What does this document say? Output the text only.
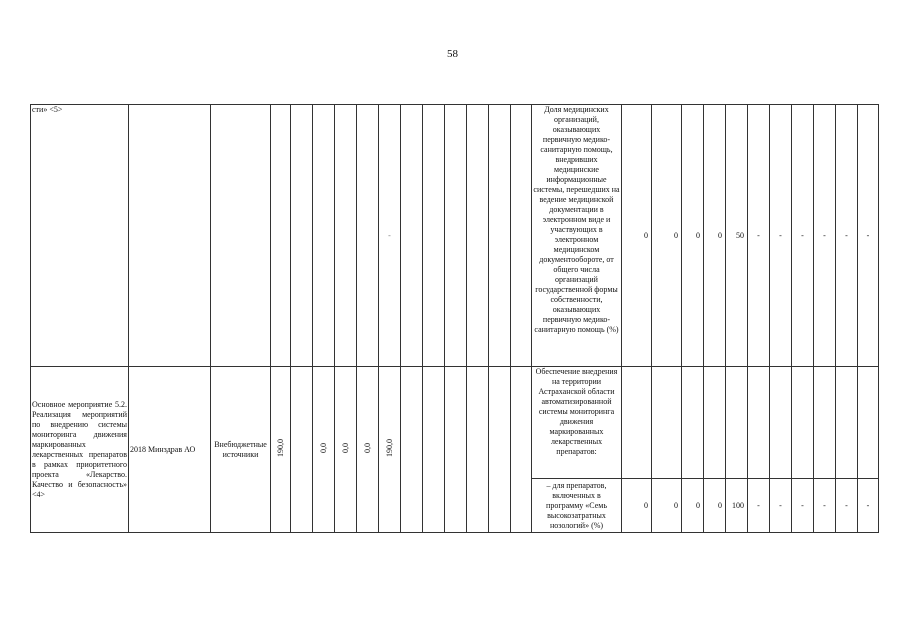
58
сти» <5>								-							Доля медицинских организаций, оказывающих первичную медико-санитарную помощь, внедривших медицинские информационные системы, перешедших на ведение медицинской документации в электронном виде и участвующих в электронном медицинском документообороте, от общего числа организаций государственной формы собственности, оказывающих первичную медико-санитарную помощь (%)	0	0	0	0	50	-	-	-	-	-	-
Основное мероприятие 5.2. Реализация мероприятий по внедрению системы мониторинга движения маркированных лекарственных препаратов в рамках приоритетного проекта «Лекарство. Качество и безопасность» <4>	2018 Минздрав АО	Внебюджетные источники	190,0		0,0	0,0	0,0	190,0							Обеспечение внедрения на территории Астраханской области автоматизированной системы мониторинга движения маркированных лекарственных препаратов:											
															– для препаратов, включенных в программу «Семь высокозатратных нозологий» (%)	0	0	0	0	100	-	-	-	-	-	-
